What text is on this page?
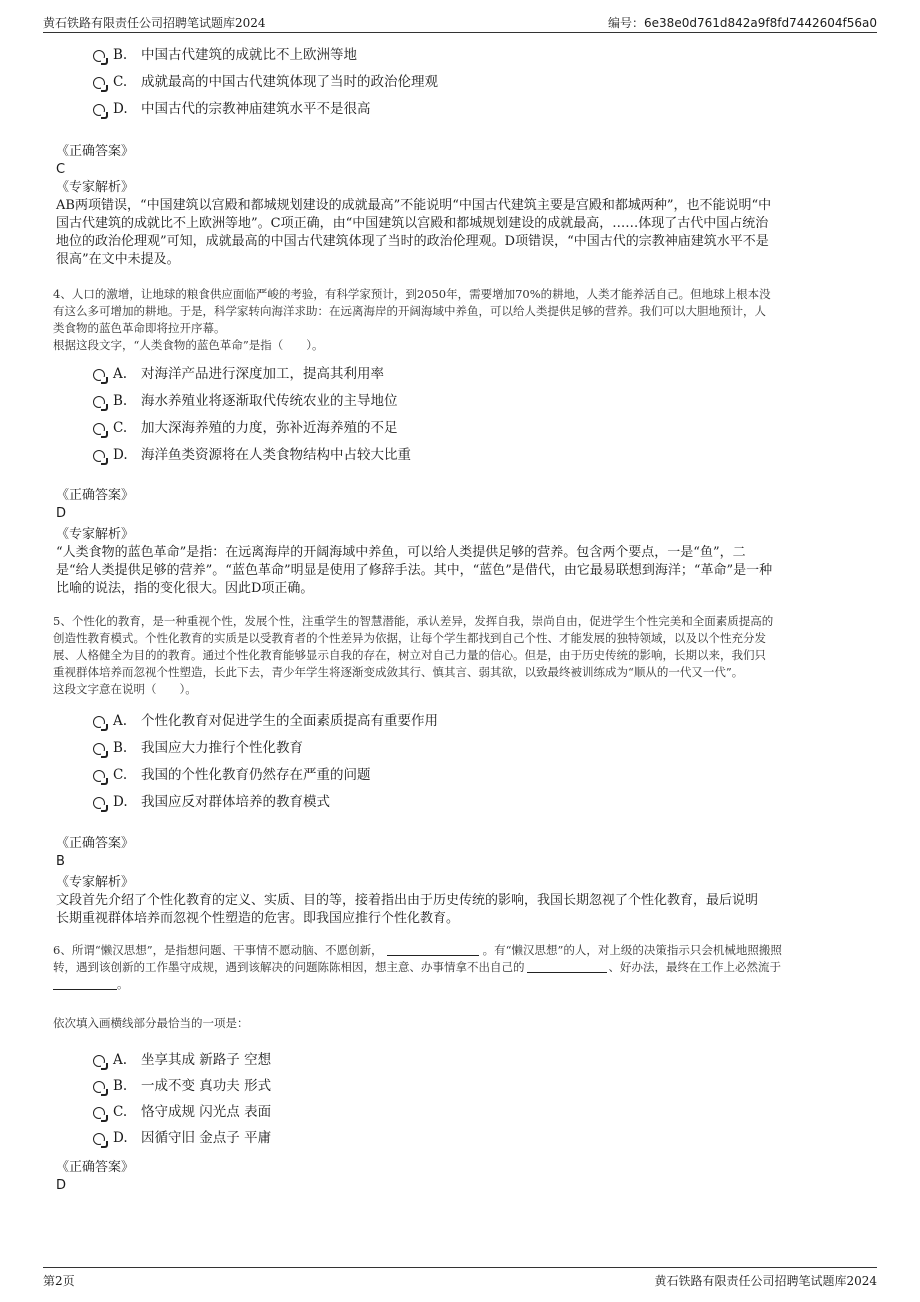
黄石铁路有限责任公司招聘笔试题库2024	编号：6e38e0d761d842a9f8fd7442604f56a0
B. 中国古代建筑的成就比不上欧洲等地
C. 成就最高的中国古代建筑体现了当时的政治伦理观
D. 中国古代的宗教神庙建筑水平不是很高
《正确答案》
C
《专家解析》
AB两项错误，“中国建筑以宫殿和都城规划建设的成就最高”不能说明“中国古代建筑主要是宫殿和都城两种”，也不能说明“中
国古代建筑的成就比不上欧洲等地”。C项正确，由“中国建筑以宫殿和都城规划建设的成就最高，……体现了古代中国占统治
地位的政治伦理观”可知，成就最高的中国古代建筑体现了当时的政治伦理观。D项错误，“中国古代的宗教神庙建筑水平不是
很高”在文中未提及。
4、人口的激增，让地球的粮食供应面临严峻的考验，有科学家预计，到2050年，需要增加70%的耕地，人类才能养活自己。但地球上根本没
有这么多可增加的耕地。于是，科学家转向海洋求助：在远离海岸的开阔海域中养鱼，可以给人类提供足够的营养。我们可以大胆地预计，人
类食物的蓝色革命即将拉开序幕。
根据这段文字，“人类食物的蓝色革命”是指（　　）。
A. 对海洋产品进行深度加工，提高其利用率
B. 海水养殖业将逐渐取代传统农业的主导地位
C. 加大深海养殖的力度，弥补近海养殖的不足
D. 海洋鱼类资源将在人类食物结构中占较大比重
《正确答案》
D
《专家解析》
“人类食物的蓝色革命”是指：在远离海岸的开阔海域中养鱼，可以给人类提供足够的营养。包含两个要点，一是“鱼”，二
是“给人类提供足够的营养”。“蓝色革命”明显是使用了修辞手法。其中，“蓝色”是借代，由它最易联想到海洋；“革命”是一种
比喻的说法，指的变化很大。因此D项正确。
5、个性化的教育，是一种重视个性，发展个性，注重学生的智慧潜能，承认差异，发挥自我，崇尚自由，促进学生个性完美和全面素质提高的
创造性教育模式。个性化教育的实质是以受教育者的个性差异为依据，让每个学生都找到自己个性、才能发展的独特领域，以及以个性充分发
展、人格健全为目的的教育。通过个性化教育能够显示自我的存在，树立对自己力量的信心。但是，由于历史传统的影响，长期以来，我们只
重视群体培养而忽视个性塑造，长此下去，青少年学生将逐渐变成敛其行、慎其言、弱其欲，以致最终被训练成为“顺从的一代又一代”。
这段文字意在说明（　　）。
A. 个性化教育对促进学生的全面素质提高有重要作用
B. 我国应大力推行个性化教育
C. 我国的个性化教育仍然存在严重的问题
D. 我国应反对群体培养的教育模式
《正确答案》
B
《专家解析》
文段首先介绍了个性化教育的定义、实质、目的等，接着指出由于历史传统的影响，我国长期忽视了个性化教育，最后说明
长期重视群体培养而忽视个性塑造的危害。即我国应推行个性化教育。
6、所谓“懒汉思想”，是指想问题、干事情不愿动脑、不愿创新，	。有“懒汉思想”的人，对上级的决策指示只会机械地照搬照
转，遇到该创新的工作墨守成规，遇到该解决的问题陈陈相因，想主意、办事情拿不出自己的	、好办法，最终在工作上必然流于
。
依次填入画横线部分最恰当的一项是：
A. 坐享其成 新路子 空想
B. 一成不变 真功夫 形式
C. 恪守成规 闪光点 表面
D. 因循守旧 金点子 平庸
《正确答案》
D
第2页	黄石铁路有限责任公司招聘笔试题库2024
